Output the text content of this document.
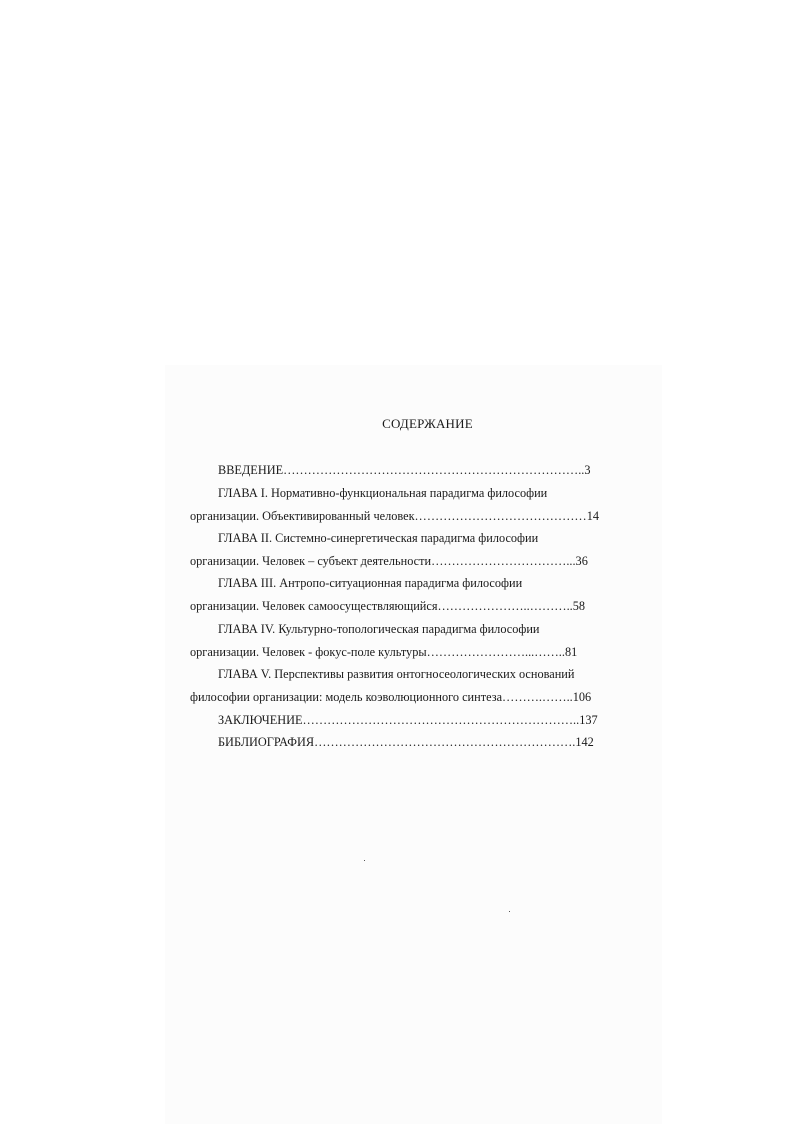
СОДЕРЖАНИЕ
ВВЕДЕНИЕ………………………………………………………………..3
ГЛАВА I. Нормативно-функциональная парадигма философии
организации. Объективированный человек……………………………………14
ГЛАВА II. Системно-синергетическая парадигма философии
организации. Человек – субъект деятельности……………………………...36
ГЛАВА III. Антропо-ситуационная парадигма философии
организации. Человек самоосуществляющийся…………………..………..58
ГЛАВА IV. Культурно-топологическая парадигма философии
организации. Человек - фокус-поле культуры……………………...……..81
ГЛАВА V. Перспективы развития онтогносеологических оснований
философии организации: модель коэволюционного синтеза……….……..106
ЗАКЛЮЧЕНИЕ…………………………………………………………..137
БИБЛИОГРАФИЯ……………………………………………………….142
